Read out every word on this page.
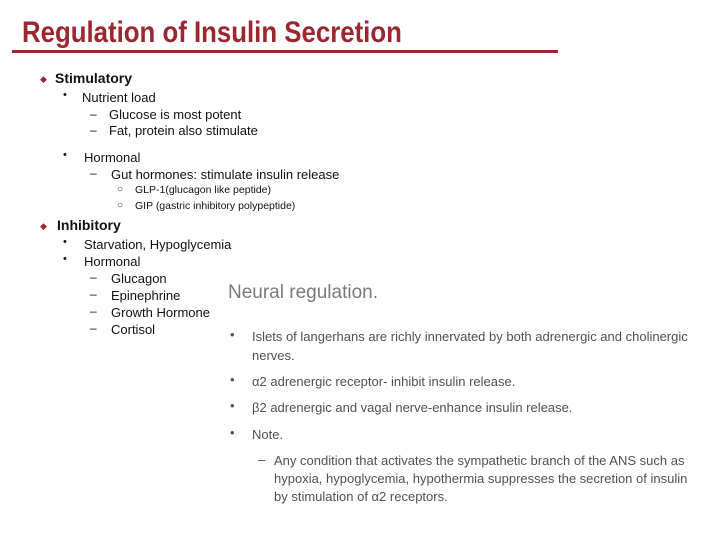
Regulation of Insulin Secretion
◆ Stimulatory
• Nutrient load
– Glucose is most potent
– Fat, protein also stimulate
• Hormonal
– Gut hormones: stimulate insulin release
○ GLP-1(glucagon like peptide)
○ GIP (gastric inhibitory polypeptide)
◆ Inhibitory
• Starvation, Hypoglycemia
• Hormonal
– Glucagon
– Epinephrine
– Growth Hormone
– Cortisol
Neural regulation.
• Islets of langerhans are richly innervated by both adrenergic and cholinergic nerves.
• α2 adrenergic receptor- inhibit insulin release.
• β2 adrenergic and vagal nerve-enhance insulin release.
• Note.
– Any condition that activates the sympathetic branch of the ANS such as hypoxia, hypoglycemia, hypothermia suppresses the secretion of insulin by stimulation of α2 receptors.
